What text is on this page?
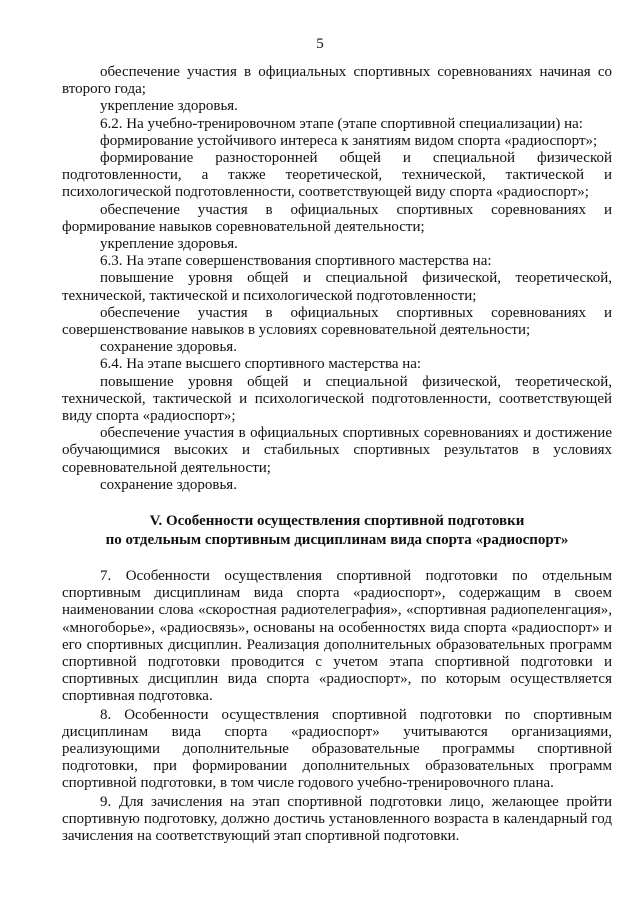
5

обеспечение участия в официальных спортивных соревнованиях начиная со второго года;

укрепление здоровья.

6.2. На учебно-тренировочном этапе (этапе спортивной специализации) на:

формирование устойчивого интереса к занятиям видом спорта «радиоспорт»;

формирование разносторонней общей и специальной физической подготовленности, а также теоретической, технической, тактической и психологической подготовленности, соответствующей виду спорта «радиоспорт»;

обеспечение участия в официальных спортивных соревнованиях и формирование навыков соревновательной деятельности;

укрепление здоровья.

6.3. На этапе совершенствования спортивного мастерства на:

повышение уровня общей и специальной физической, теоретической, технической, тактической и психологической подготовленности;

обеспечение участия в официальных спортивных соревнованиях и совершенствование навыков в условиях соревновательной деятельности;

сохранение здоровья.

6.4. На этапе высшего спортивного мастерства на:

повышение уровня общей и специальной физической, теоретической, технической, тактической и психологической подготовленности, соответствующей виду спорта «радиоспорт»;

обеспечение участия в официальных спортивных соревнованиях и достижение обучающимися высоких и стабильных спортивных результатов в условиях соревновательной деятельности;

сохранение здоровья.

V. Особенности осуществления спортивной подготовки
по отдельным спортивным дисциплинам вида спорта «радиоспорт»

7. Особенности осуществления спортивной подготовки по отдельным спортивным дисциплинам вида спорта «радиоспорт», содержащим в своем наименовании слова «скоростная радиотелеграфия», «спортивная радиопеленгация», «многоборье», «радиосвязь», основаны на особенностях вида спорта «радиоспорт» и его спортивных дисциплин. Реализация дополнительных образовательных программ спортивной подготовки проводится с учетом этапа спортивной подготовки и спортивных дисциплин вида спорта «радиоспорт», по которым осуществляется спортивная подготовка.

8. Особенности осуществления спортивной подготовки по спортивным дисциплинам вида спорта «радиоспорт» учитываются организациями, реализующими дополнительные образовательные программы спортивной подготовки, при формировании дополнительных образовательных программ спортивной подготовки, в том числе годового учебно-тренировочного плана.

9. Для зачисления на этап спортивной подготовки лицо, желающее пройти спортивную подготовку, должно достичь установленного возраста в календарный год зачисления на соответствующий этап спортивной подготовки.
